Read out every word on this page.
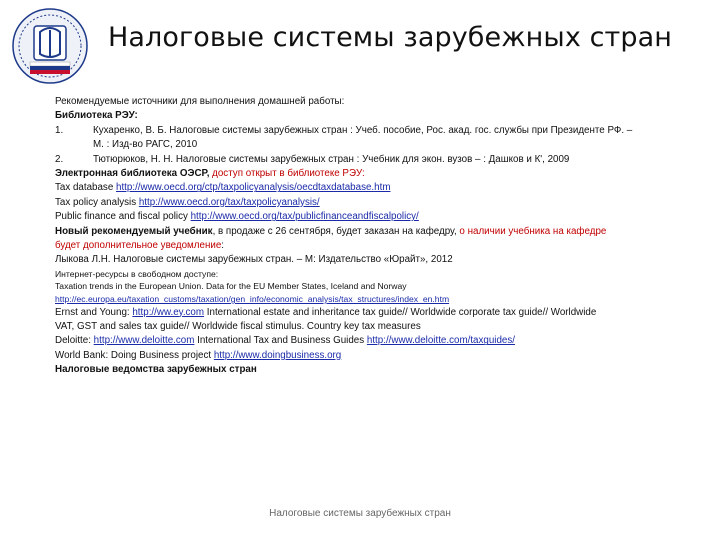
Налоговые системы зарубежных стран

Рекомендуемые источники для выполнения домашней работы:

Библиотека РЭУ:

1.	Кухаренко, В. Б. Налоговые системы зарубежных стран : Учеб. пособие, Рос. акад. гос. службы при Президенте РФ. –

М. : Изд-во РАГС, 2010

2.	Тютюрюков, Н. Н. Налоговые системы зарубежных стран : Учебник для экон. вузов – : Дашков и К', 2009

Электронная библиотека ОЭСР, доступ открыт в библиотеке РЭУ:

Tax database http://www.oecd.org/ctp/taxpolicyanalysis/oecdtaxdatabase.htm

Tax policy analysis http://www.oecd.org/tax/taxpolicyanalysis/

Public finance and fiscal policy http://www.oecd.org/tax/publicfinanceandfiscalpolicy/

Новый рекомендуемый учебник, в продаже с 26 сентября, будет заказан на кафедру, о наличии учебника на кафедре

будет дополнительное уведомление:

Лыкова Л.Н. Налоговые системы зарубежных стран. – М: Издательство «Юрайт», 2012

Интернет-ресурсы в свободном доступе:

Taxation trends in the European Union. Data for the EU Member States, Iceland and Norway

http://ec.europa.eu/taxation_customs/taxation/gen_info/economic_analysis/tax_structures/index_en.htm

Ernst and Young: http://ww.ey.com International estate and inheritance tax guide// Worldwide corporate tax guide// Worldwide

VAT, GST and sales tax guide// Worldwide fiscal stimulus. Country key tax measures

Deloitte: http://www.deloitte.com International Tax and Business Guides http://www.deloitte.com/taxguides/

World Bank: Doing Business project http://www.doingbusiness.org

Налоговые ведомства зарубежных стран

Налоговые системы зарубежных стран
